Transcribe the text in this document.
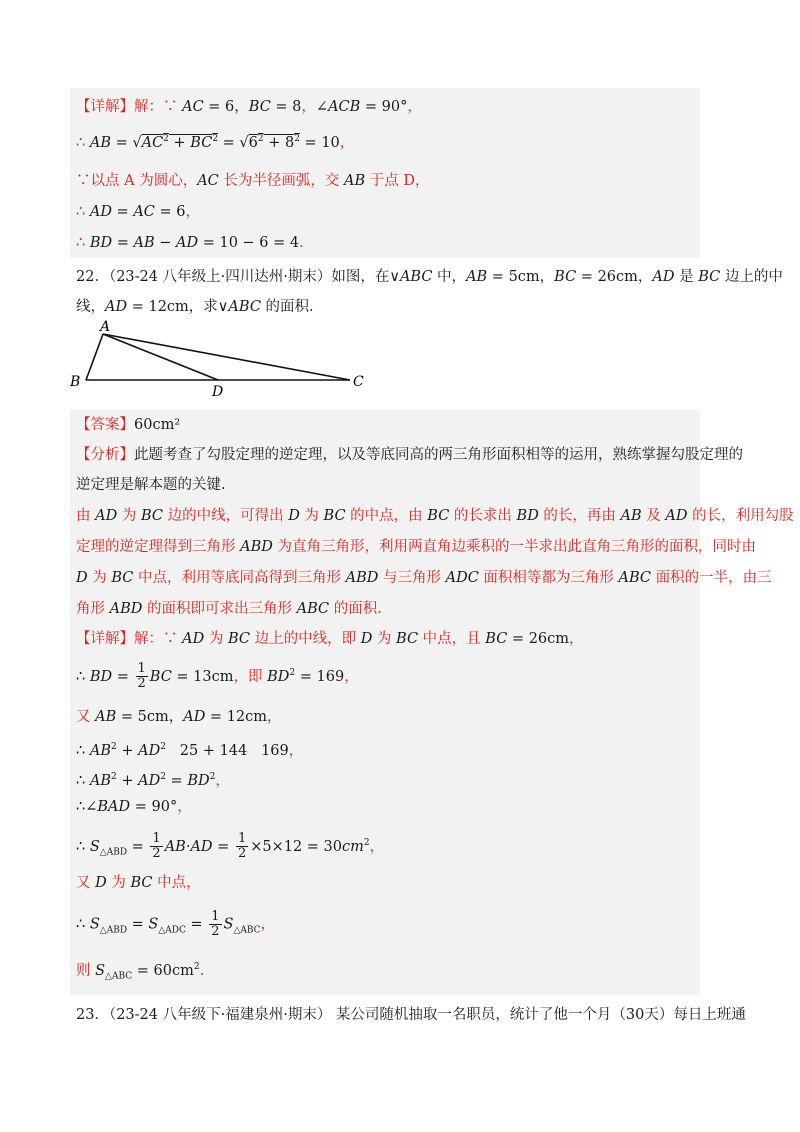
【详解】解：∵ AC = 6，BC = 8，∠ACB = 90°，
∴ AB = $√AC^2 + BC^2 = √6^2 + 8^2 = 10$，
∵以点 A 为圆心，AC 长为半径画弧，交 AB 于点 D，
∴ AD = AC = 6，
∴ BD = AB − AD = 10 − 6 = 4．
22．（23-24 八年级上·四川达州·期末）如图，在∨ABC 中，AB = 5cm，BC = 26cm，AD 是 BC 边上的中
线，AD = 12cm，求∨ABC 的面积.
A
B	C
D
【答案】60cm²
【分析】此题考查了勾股定理的逆定理，以及等底同高的两三角形面积相等的运用，熟练掌握勾股定理的
逆定理是解本题的关键.
由 AD 为 BC 边的中线，可得出 D 为 BC 的中点，由 BC 的长求出 BD 的长，再由 AB 及 AD 的长，利用勾股
定理的逆定理得到三角形 ABD 为直角三角形，利用两直角边乘积的一半求出此直角三角形的面积，同时由
D 为 BC 中点，利用等底同高得到三角形 ABD 与三角形 ADC 面积相等都为三角形 ABC 面积的一半，由三
角形 ABD 的面积即可求出三角形 ABC 的面积.
【详解】解：∵ AD 为 BC 边上的中线，即 D 为 BC 中点，且 BC = 26cm，
∴ BD = $\frac{1}{2}$ BC = 13cm，即 $BD^2 = 169$，
又 AB = 5cm，AD = 12cm，
∴ $AB^2 + AD^2$   25 + 144   169，
∴ $AB^2 + AD^2 = BD^2$，
∴∠BAD = 90°，
∴ $S_{\triangle ABD} = \frac{1}{2} AB\cdot AD = \frac{1}{2} \times 5\times 12 = 30cm^2$，
又 D 为 BC 中点，
∴ $S_{\triangle ABD} = S_{\triangle ADC} = \frac{1}{2} S_{\triangle ABC}$，
则 $S_{\triangle ABC} = 60cm^2$.
23．（23-24 八年级下·福建泉州·期末） 某公司随机抽取一名职员，统计了他一个月（30天）每日上班通
